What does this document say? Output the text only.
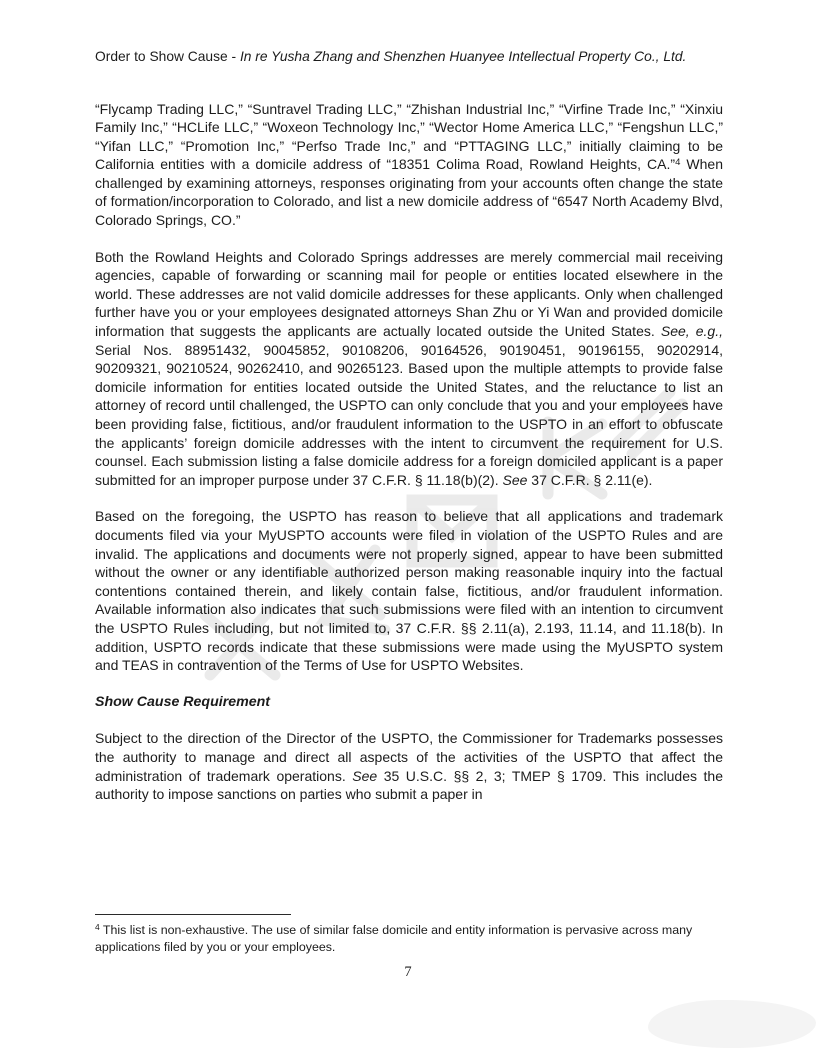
Order to Show Cause - In re Yusha Zhang and Shenzhen Huanyee Intellectual Property Co., Ltd.

“Flycamp Trading LLC,” “Suntravel Trading LLC,” “Zhishan Industrial Inc,” “Virfine Trade Inc,” “Xinxiu Family Inc,” “HCLife LLC,” “Woxeon Technology Inc,” “Wector Home America LLC,” “Fengshun LLC,” “Yifan LLC,” “Promotion Inc,” “Perfso Trade Inc,” and “PTTAGING LLC,” initially claiming to be California entities with a domicile address of “18351 Colima Road, Rowland Heights, CA.”$^4$ When challenged by examining attorneys, responses originating from your accounts often change the state of formation/incorporation to Colorado, and list a new domicile address of “6547 North Academy Blvd, Colorado Springs, CO.”

Both the Rowland Heights and Colorado Springs addresses are merely commercial mail receiving agencies, capable of forwarding or scanning mail for people or entities located elsewhere in the world. These addresses are not valid domicile addresses for these applicants. Only when challenged further have you or your employees designated attorneys Shan Zhu or Yi Wan and provided domicile information that suggests the applicants are actually located outside the United States. See, e.g., Serial Nos. 88951432, 90045852, 90108206, 90164526, 90190451, 90196155, 90202914, 90209321, 90210524, 90262410, and 90265123. Based upon the multiple attempts to provide false domicile information for entities located outside the United States, and the reluctance to list an attorney of record until challenged, the USPTO can only conclude that you and your employees have been providing false, fictitious, and/or fraudulent information to the USPTO in an effort to obfuscate the applicants’ foreign domicile addresses with the intent to circumvent the requirement for U.S. counsel. Each submission listing a false domicile address for a foreign domiciled applicant is a paper submitted for an improper purpose under 37 C.F.R. § 11.18(b)(2). See 37 C.F.R. § 2.11(e).

Based on the foregoing, the USPTO has reason to believe that all applications and trademark documents filed via your MyUSPTO accounts were filed in violation of the USPTO Rules and are invalid. The applications and documents were not properly signed, appear to have been submitted without the owner or any identifiable authorized person making reasonable inquiry into the factual contentions contained therein, and likely contain false, fictitious, and/or fraudulent information. Available information also indicates that such submissions were filed with an intention to circumvent the USPTO Rules including, but not limited to, 37 C.F.R. §§ 2.11(a), 2.193, 11.14, and 11.18(b). In addition, USPTO records indicate that these submissions were made using the MyUSPTO system and TEAS in contravention of the Terms of Use for USPTO Websites.

Show Cause Requirement

Subject to the direction of the Director of the USPTO, the Commissioner for Trademarks possesses the authority to manage and direct all aspects of the activities of the USPTO that affect the administration of trademark operations. See 35 U.S.C. §§ 2, 3; TMEP § 1709. This includes the authority to impose sanctions on parties who submit a paper in

$^4$ This list is non-exhaustive. The use of similar false domicile and entity information is pervasive across many applications filed by you or your employees.
7
